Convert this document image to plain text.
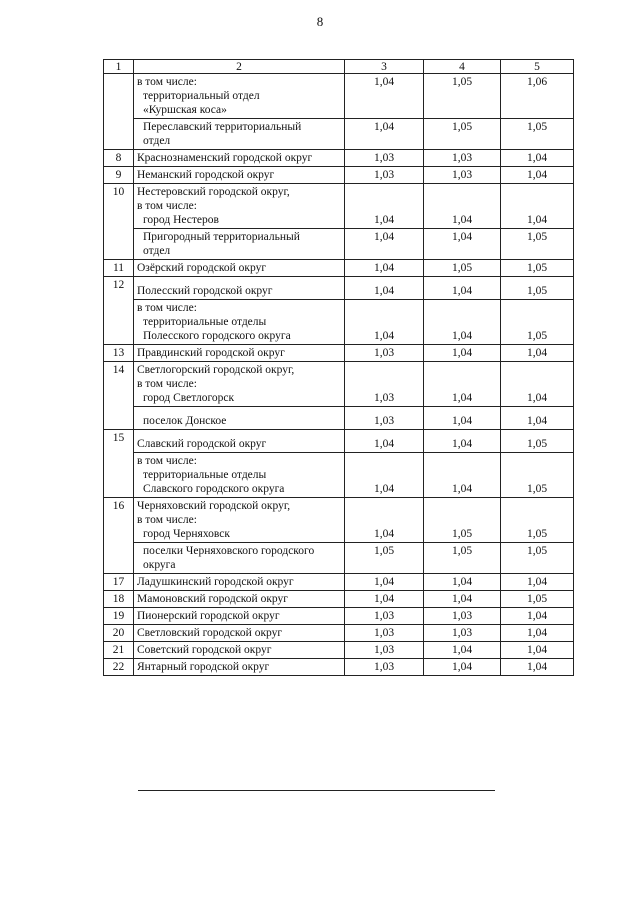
8
1	2	3	4	5

	в том числе:
территориальный отдел
«Куршская коса»	1,04	1,05	1,06

	Переславский территориальный
отдел	1,04	1,05	1,05
8	Краснознаменский городской округ	1,03	1,03	1,04
9	Неманский городской округ	1,03	1,03	1,04
10	Нестеровский городской округ,
в том числе:
город Нестеров	1,04	1,04	1,04

	Пригородный территориальный
отдел	1,04	1,04	1,05
11	Озёрский городской округ	1,04	1,05	1,05
12	Полесский городской округ	1,04	1,04	1,05

	в том числе:
территориальные отделы
Полесского городского округа	1,04	1,04	1,05
13	Правдинский городской округ	1,03	1,04	1,04
14	Светлогорский городской округ,
в том числе:
город Светлогорск	1,03	1,04	1,04

	поселок Донское	1,03	1,04	1,04
15	Славский городской округ	1,04	1,04	1,05

	в том числе:
территориальные отделы
Славского городского округа	1,04	1,04	1,05
16	Черняховский городской округ,
в том числе:
город Черняховск	1,04	1,05	1,05

	поселки Черняховского городского
округа	1,05	1,05	1,05
17	Ладушкинский городской округ	1,04	1,04	1,04
18	Мамоновский городской округ	1,04	1,04	1,05
19	Пионерский городской округ	1,03	1,03	1,04
20	Светловский городской округ	1,03	1,03	1,04
21	Советский городской округ	1,03	1,04	1,04
22	Янтарный городской округ	1,03	1,04	1,04
